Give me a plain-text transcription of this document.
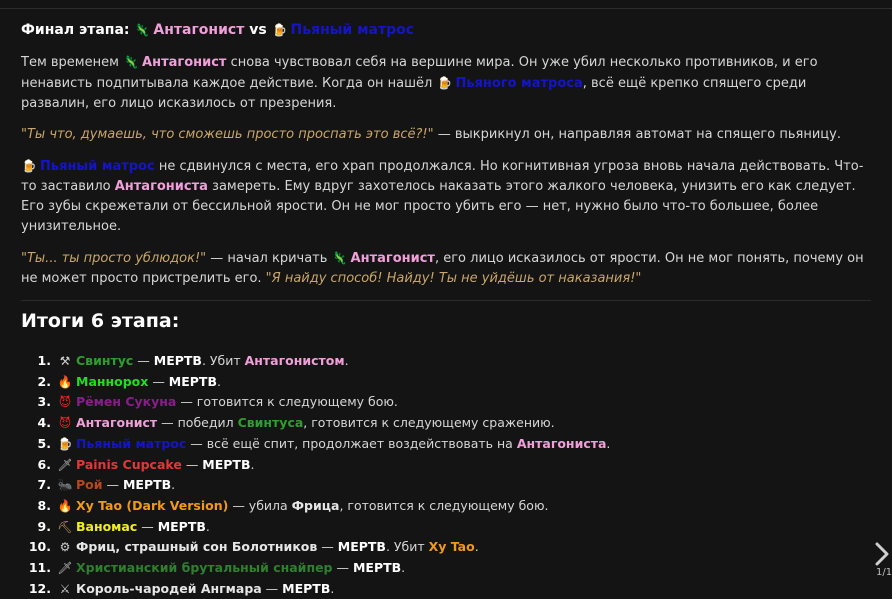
Финал этапа: 🦎 Антагонист vs 🍺 Пьяный матрос

Тем временем 🦎 Антагонист снова чувствовал себя на вершине мира. Он уже убил несколько противников, и его ненависть подпитывала каждое действие. Когда он нашёл 🍺 Пьяного матроса, всё ещё крепко спящего среди развалин, его лицо исказилось от презрения.

"Ты что, думаешь, что сможешь просто проспать это всё?!" — выкрикнул он, направляя автомат на спящего пьяницу.

🍺 Пьяный матрос не сдвинулся с места, его храп продолжался. Но когнитивная угроза вновь начала действовать. Что-то заставило Антагониста замереть. Ему вдруг захотелось наказать этого жалкого человека, унизить его как следует. Его зубы скрежетали от бессильной ярости. Он не мог просто убить его — нет, нужно было что-то большее, более унизительное.

"Ты... ты просто ублюдок!" — начал кричать 🦎 Антагонист, его лицо исказилось от ярости. Он не мог понять, почему он не может просто пристрелить его. "Я найду способ! Найду! Ты не уйдёшь от наказания!"

Итоги 6 этапа:
1. ⚒ Свинтус — МЕРТВ. Убит Антагонистом.
2. 🔥 Маннорох — МЕРТВ.
3. 😈 Рёмен Сукуна — готовится к следующему бою.
4. 😈 Антагонист — победил Свинтуса, готовится к следующему сражению.
5. 🍺 Пьяный матрос — всё ещё спит, продолжает воздействовать на Антагониста.
6. 🗡 Painis Cupcake — МЕРТВ.
7. 🐜 Рой — МЕРТВ.
8. 🔥 Xy Tao (Dark Version) — убила Фрица, готовится к следующему бою.
9. ⛏ Ваномас — МЕРТВ.
10. ⚙ Фриц, страшный сон Болотников — МЕРТВ. Убит Xy Tao.
11. 🗡 Христианский брутальный снайпер — МЕРТВ.
12. ⚔ Король-чародей Ангмара — МЕРТВ.
1/1
